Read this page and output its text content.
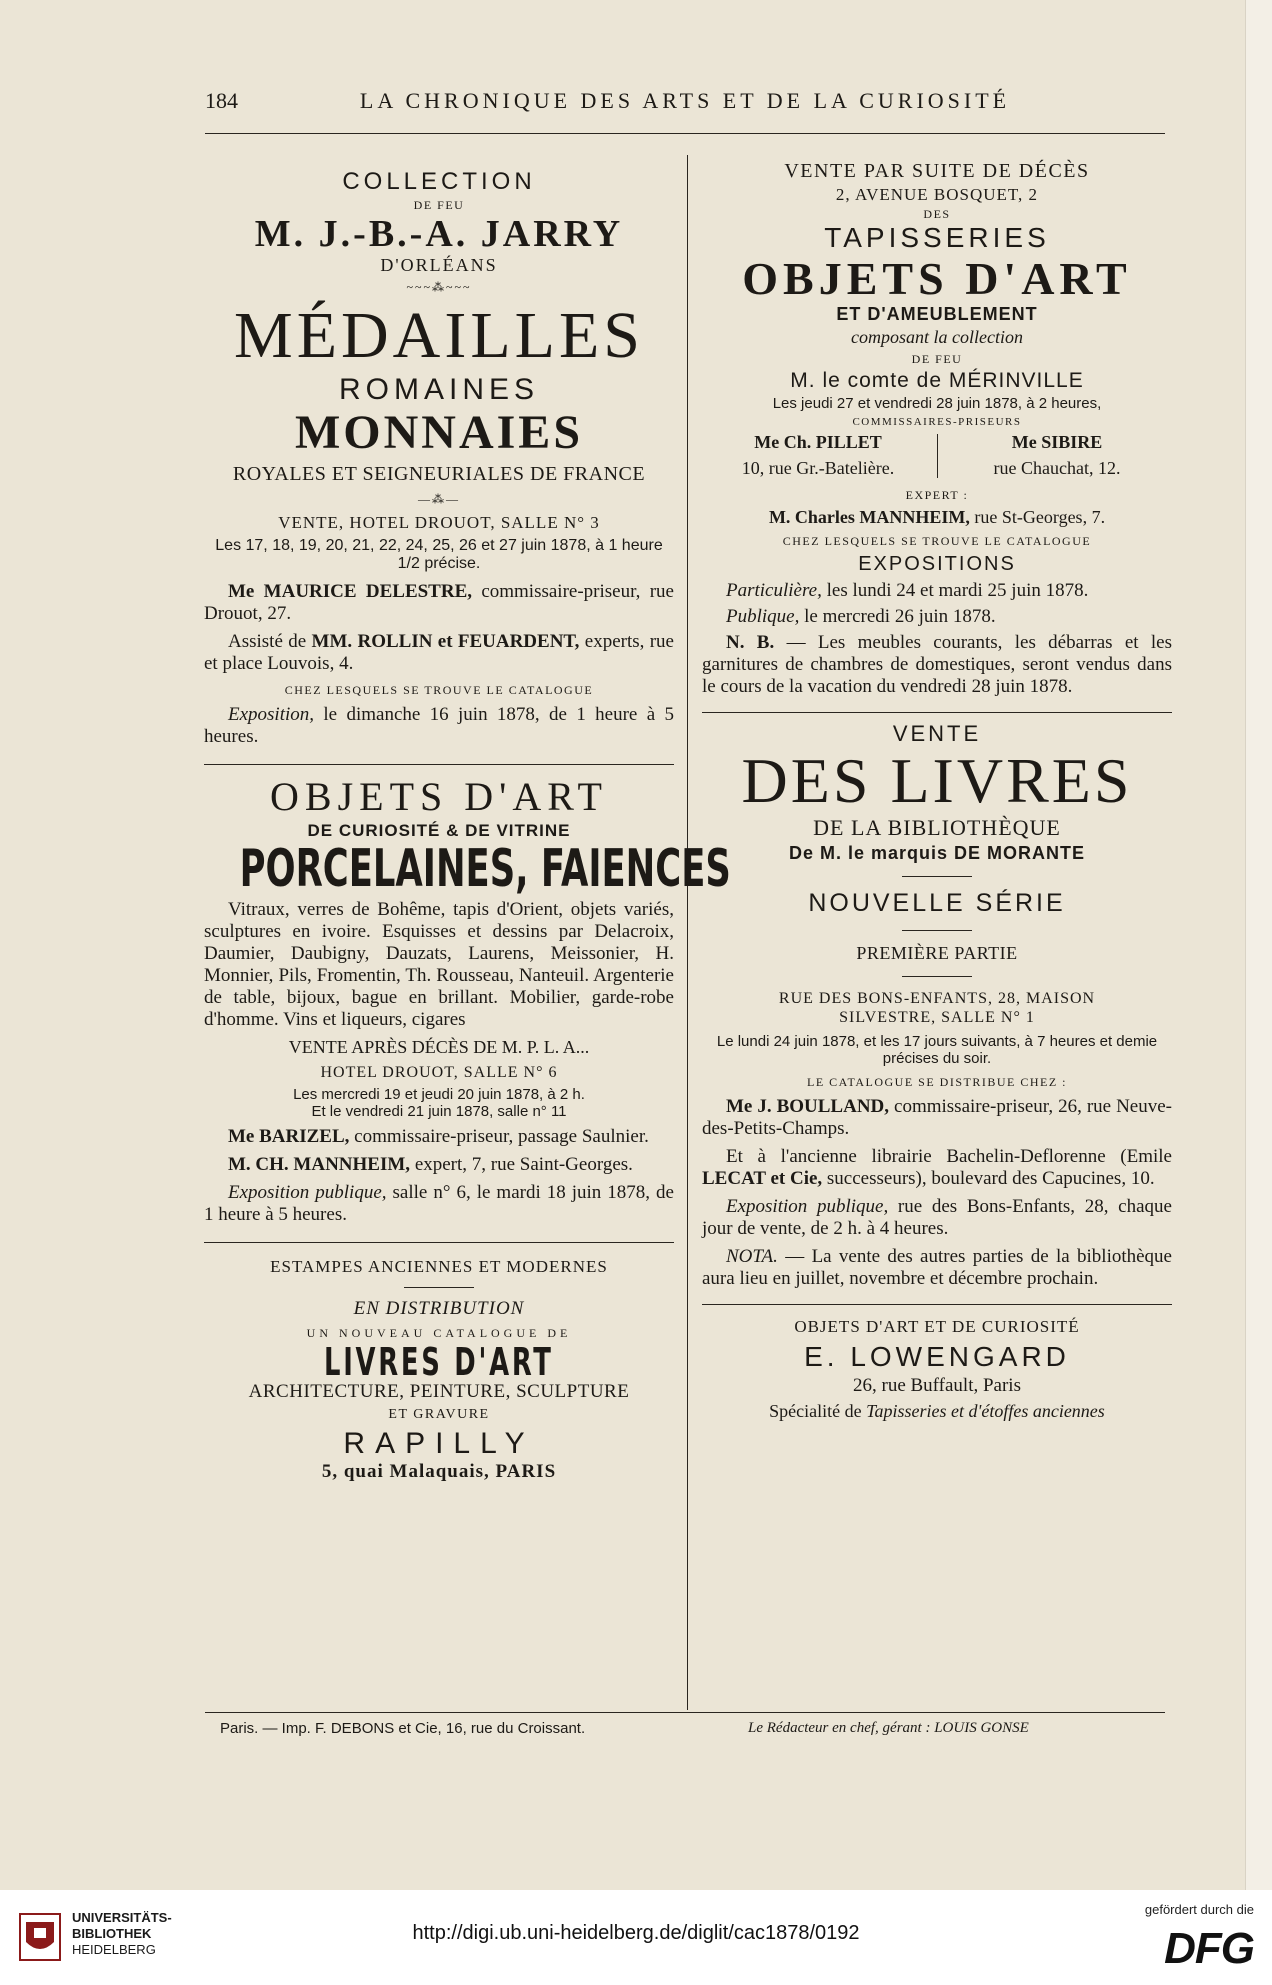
184	LA CHRONIQUE DES ARTS ET DE LA CURIOSITÉ
COLLECTION
DE FEU
M. J.-B.-A. JARRY
D'ORLÉANS
~~~⁂~~~
MÉDAILLES
ROMAINES
MONNAIES
ROYALES ET SEIGNEURIALES DE FRANCE
—⁂—
VENTE, HOTEL DROUOT, SALLE N° 3
Les 17, 18, 19, 20, 21, 22, 24, 25, 26 et 27 juin 1878, à 1 heure 1/2 précise.

Me MAURICE DELESTRE, commissaire-priseur, rue Drouot, 27.

Assisté de MM. ROLLIN et FEUARDENT, experts, rue et place Louvois, 4.

CHEZ LESQUELS SE TROUVE LE CATALOGUE

Exposition, le dimanche 16 juin 1878, de 1 heure à 5 heures.

OBJETS D'ART
DE CURIOSITÉ & DE VITRINE
PORCELAINES, FAIENCES

Vitraux, verres de Bohême, tapis d'Orient, objets variés, sculptures en ivoire. Esquisses et dessins par Delacroix, Daumier, Daubigny, Dauzats, Laurens, Meissonier, H. Monnier, Pils, Fromentin, Th. Rousseau, Nanteuil. Argenterie de table, bijoux, bague en brillant. Mobilier, garde-robe d'homme. Vins et liqueurs, cigares

VENTE APRÈS DÉCÈS DE M. P. L. A...
HOTEL DROUOT, SALLE N° 6
Les mercredi 19 et jeudi 20 juin 1878, à 2 h.
Et le vendredi 21 juin 1878, salle n° 11

Me BARIZEL, commissaire-priseur, passage Saulnier.

M. CH. MANNHEIM, expert, 7, rue Saint-Georges.

Exposition publique, salle n° 6, le mardi 18 juin 1878, de 1 heure à 5 heures.

ESTAMPES ANCIENNES ET MODERNES
EN DISTRIBUTION
UN NOUVEAU CATALOGUE DE
LIVRES D'ART
ARCHITECTURE, PEINTURE, SCULPTURE
ET GRAVURE
RAPILLY
5, quai Malaquais, PARIS
VENTE PAR SUITE DE DÉCÈS
2, AVENUE BOSQUET, 2
DES
TAPISSERIES
OBJETS D'ART
ET D'AMEUBLEMENT
composant la collection
DE FEU
M. le comte de MÉRINVILLE
Les jeudi 27 et vendredi 28 juin 1878, à 2 heures,
COMMISSAIRES-PRISEURS
Me Ch. PILLET
10, rue Gr.-Batelière.
Me SIBIRE
rue Chauchat, 12.
EXPERT :
M. Charles MANNHEIM, rue St-Georges, 7.
CHEZ LESQUELS SE TROUVE LE CATALOGUE
EXPOSITIONS

Particulière, les lundi 24 et mardi 25 juin 1878.

Publique, le mercredi 26 juin 1878.

N. B. — Les meubles courants, les débarras et les garnitures de chambres de domestiques, seront vendus dans le cours de la vacation du vendredi 28 juin 1878.

VENTE
DES LIVRES
DE LA BIBLIOTHÈQUE
De M. le marquis DE MORANTE
NOUVELLE SÉRIE
PREMIÈRE PARTIE
RUE DES BONS-ENFANTS, 28, MAISON SILVESTRE, SALLE N° 1
Le lundi 24 juin 1878, et les 17 jours suivants, à 7 heures et demie précises du soir.
LE CATALOGUE SE DISTRIBUE CHEZ :

Me J. BOULLAND, commissaire-priseur, 26, rue Neuve-des-Petits-Champs.

Et à l'ancienne librairie Bachelin-Deflorenne (Emile LECAT et Cie, successeurs), boulevard des Capucines, 10.

Exposition publique, rue des Bons-Enfants, 28, chaque jour de vente, de 2 h. à 4 heures.

NOTA. — La vente des autres parties de la bibliothèque aura lieu en juillet, novembre et décembre prochain.

OBJETS D'ART ET DE CURIOSITÉ
E. LOWENGARD
26, rue Buffault, Paris
Spécialité de Tapisseries et d'étoffes anciennes
Paris. — Imp. F. DEBONS et Cie, 16, rue du Croissant.	Le Rédacteur en chef, gérant : LOUIS GONSE
UNIVERSITÄTS-
BIBLIOTHEK
HEIDELBERG
http://digi.ub.uni-heidelberg.de/diglit/cac1878/0192
gefördert durch die
DFG
